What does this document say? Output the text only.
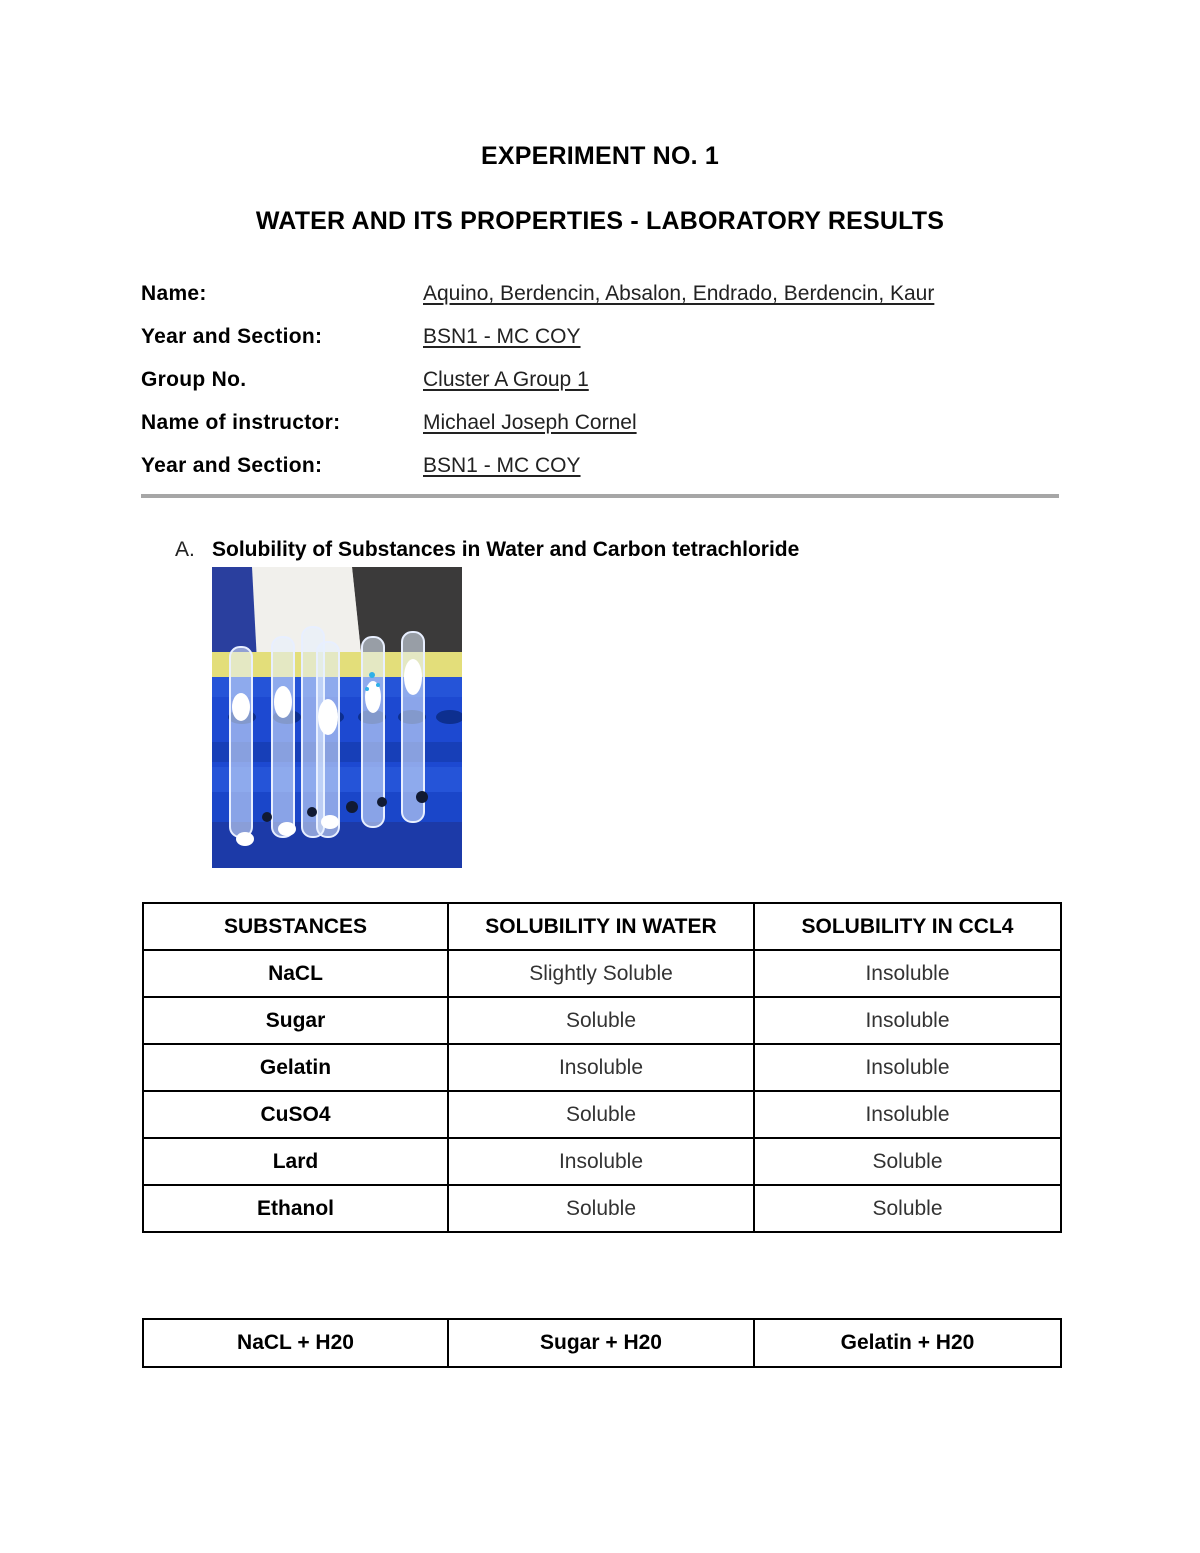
EXPERIMENT NO. 1
WATER AND ITS PROPERTIES - LABORATORY RESULTS
Name:	Aquino, Berdencin, Absalon, Endrado, Berdencin, Kaur
Year and Section:	BSN1 - MC COY
Group No.	Cluster A Group 1
Name of instructor:	Michael Joseph Cornel
Year and Section:	BSN1 - MC COY
A. Solubility of Substances in Water and Carbon tetrachloride
SUBSTANCES	SOLUBILITY IN WATER	SOLUBILITY IN CCL4
NaCL	Slightly Soluble	Insoluble
Sugar	Soluble	Insoluble
Gelatin	Insoluble	Insoluble
CuSO4	Soluble	Insoluble
Lard	Insoluble	Soluble
Ethanol	Soluble	Soluble
NaCL + H20	Sugar + H20	Gelatin + H20
